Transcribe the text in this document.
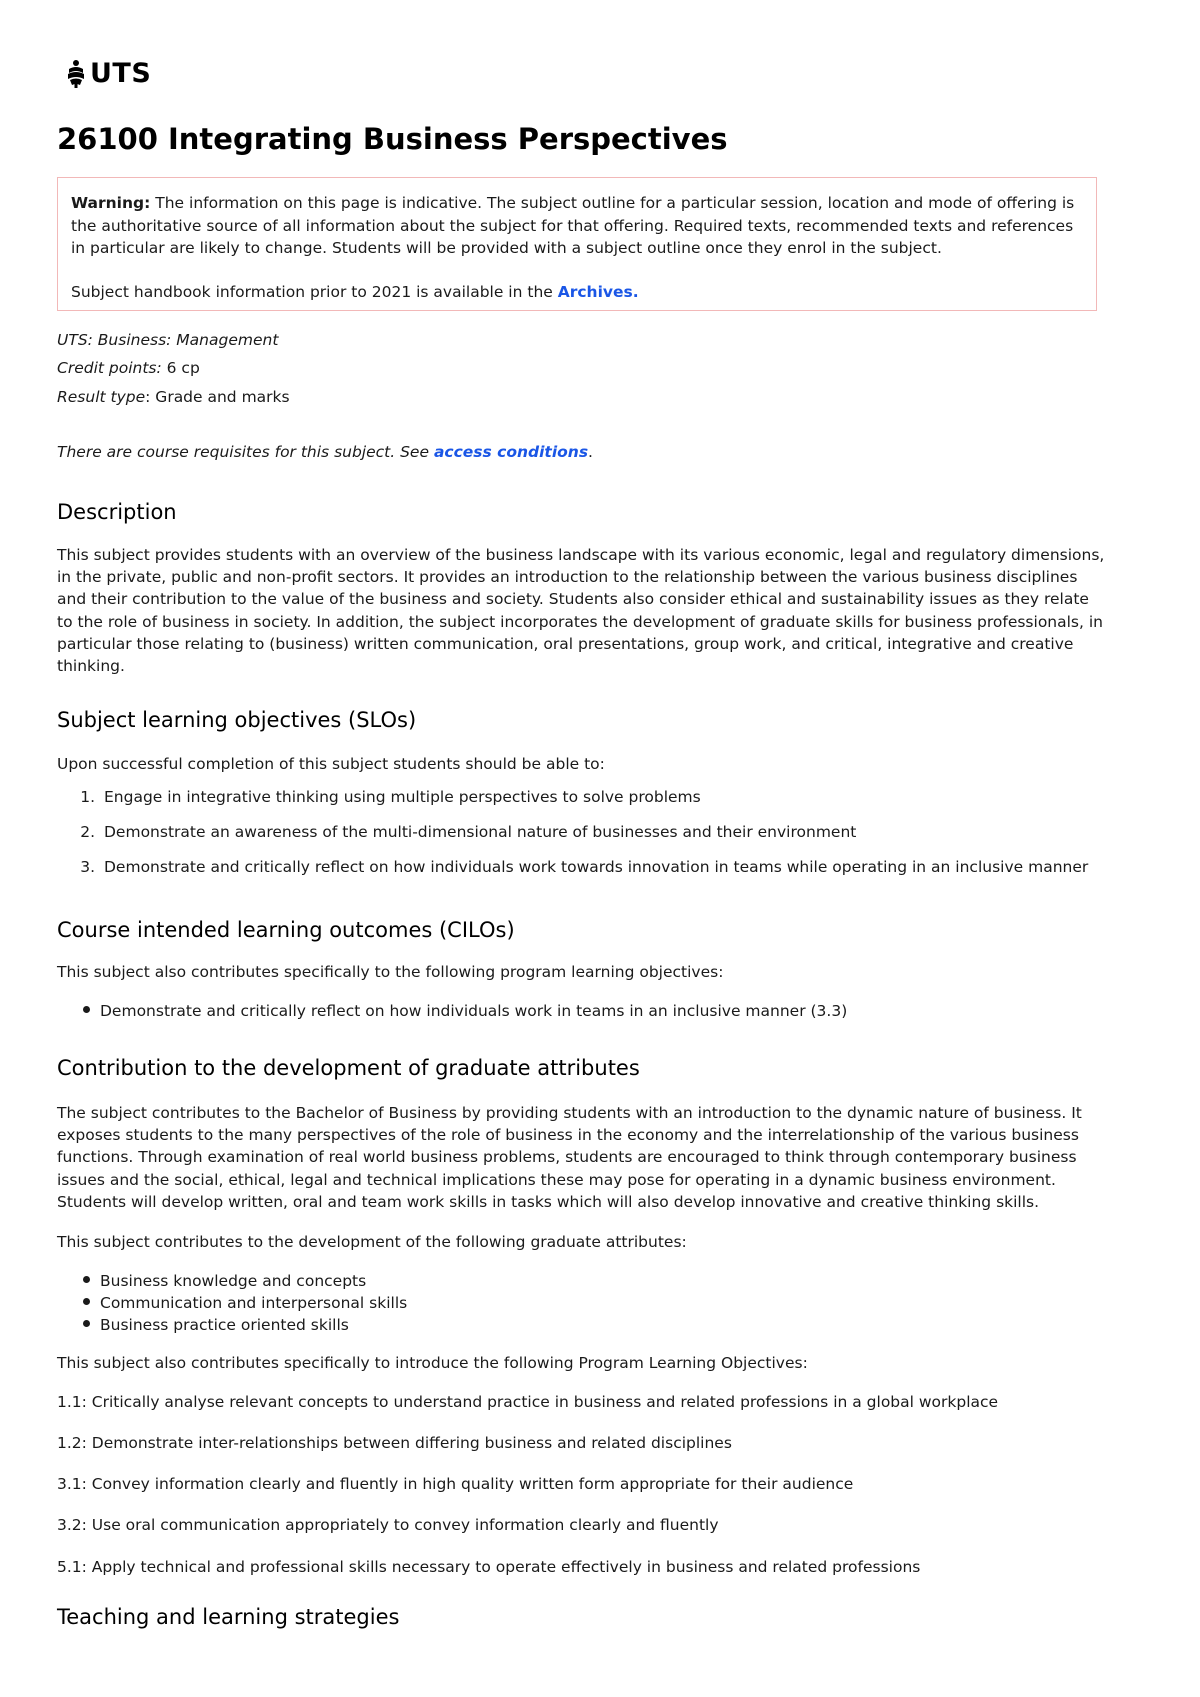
UTS
26100 Integrating Business Perspectives

Warning: The information on this page is indicative. The subject outline for a particular session, location and mode of offering is the authoritative source of all information about the subject for that offering. Required texts, recommended texts and references in particular are likely to change. Students will be provided with a subject outline once they enrol in the subject.

Subject handbook information prior to 2021 is available in the Archives.

UTS: Business: Management

Credit points: 6 cp

Result type: Grade and marks

There are course requisites for this subject. See access conditions.

Description

This subject provides students with an overview of the business landscape with its various economic, legal and regulatory dimensions, in the private, public and non-profit sectors. It provides an introduction to the relationship between the various business disciplines and their contribution to the value of the business and society. Students also consider ethical and sustainability issues as they relate to the role of business in society. In addition, the subject incorporates the development of graduate skills for business professionals, in particular those relating to (business) written communication, oral presentations, group work, and critical, integrative and creative thinking.

Subject learning objectives (SLOs)

Upon successful completion of this subject students should be able to:

1. Engage in integrative thinking using multiple perspectives to solve problems
2. Demonstrate an awareness of the multi-dimensional nature of businesses and their environment
3. Demonstrate and critically reflect on how individuals work towards innovation in teams while operating in an inclusive manner
Course intended learning outcomes (CILOs)

This subject also contributes specifically to the following program learning objectives:

Demonstrate and critically reflect on how individuals work in teams in an inclusive manner (3.3)
Contribution to the development of graduate attributes

The subject contributes to the Bachelor of Business by providing students with an introduction to the dynamic nature of business. It exposes students to the many perspectives of the role of business in the economy and the interrelationship of the various business functions. Through examination of real world business problems, students are encouraged to think through contemporary business issues and the social, ethical, legal and technical implications these may pose for operating in a dynamic business environment. Students will develop written, oral and team work skills in tasks which will also develop innovative and creative thinking skills.

This subject contributes to the development of the following graduate attributes:

Business knowledge and concepts
Communication and interpersonal skills
Business practice oriented skills

This subject also contributes specifically to introduce the following Program Learning Objectives:

1.1: Critically analyse relevant concepts to understand practice in business and related professions in a global workplace

1.2: Demonstrate inter-relationships between differing business and related disciplines

3.1: Convey information clearly and fluently in high quality written form appropriate for their audience

3.2: Use oral communication appropriately to convey information clearly and fluently

5.1: Apply technical and professional skills necessary to operate effectively in business and related professions

Teaching and learning strategies
